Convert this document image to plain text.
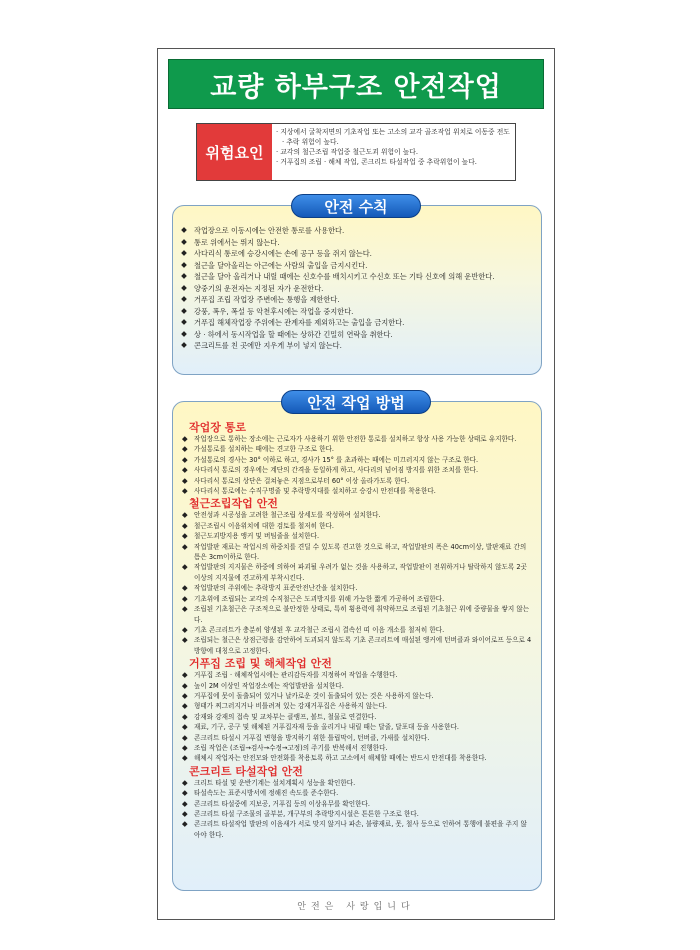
교량 하부구조 안전작업
위험요인
· 지상에서 굴착저면의 기초작업 또는 고소의 교각 골조작업 위치로 이동중 전도 · 추락 위험이 높다.
· 교각의 철근조립 작업중 철근도괴 위험이 높다.
· 거푸집의 조립 · 해체 작업, 콘크리트 타설작업 중 추락위험이 높다.
안전 수칙
작업장으로 이동시에는 안전한 통로를 사용한다.
통로 위에서는 뛰지 않는다.
사다리식 통로에 승강시에는 손에 공구 등을 쥐지 않는다.
철근을 달아올리는 아근에는 사람의 출입을 금지시킨다.
철근을 달아 올리거나 내릴 때에는 신호수를 배치시키고 수신호 또는 기타 신호에 의해 운반한다.
양중기의 운전자는 지정된 자가 운전한다.
거푸집 조립 작업장 주변에는 통행을 제한한다.
강풍, 폭우, 폭설 등 악천후시에는 작업을 중지한다.
거푸집 해체작업장 주위에는 관계자를 제외하고는 출입을 금지한다.
상 · 하에서 동시작업을 할 때에는 상하간 긴밀히 연락을 취한다.
콘크리트를 친 곳에만 지우게 부이 넣지 않는다.
안전 작업 방법
작업장 통로
작업장으로 통하는 장소에는 근로자가 사용하기 위한 안전한 통로를 설치하고 항상 사용 가능한 상태로 유지한다.
가설통로를 설치하는 때에는 견고한 구조로 한다.
가설통로의 경사는 30° 이하로 하고, 경사가 15° 를 초과하는 때에는 미끄러지지 않는 구조로 한다.
사다리식 통로의 경우에는 계단의 간격을 동일하게 하고, 사다리의 넘어짐 방지를 위한 조치를 한다.
사다리식 통로의 상단은 걸쳐놓은 지점으로부터 60° 이상 올라가도록 한다.
사다리식 통로에는 수직구명줄 및 추락방지대를 설치하고 승강시 안전대를 착용한다.
철근조립작업 안전
안전성과 시공성을 고려한 철근조립 상세도를 작성하여 설치한다.
철근조립시 이음위치에 대한 검토를 철저히 한다.
철근도괴방지용 앵커 및 버팀줄을 설치한다.
작업발판 재료는 작업시의 하중치를 견딜 수 있도록 견고한 것으로 하고, 작업발판의 폭은 40cm이상, 발판재료 간의 틈은 3cm이하로 한다.
작업발판의 지지물은 하중에 의하여 파괴될 우려가 없는 것을 사용하고, 작업발판이 전위하거나 탈락하지 않도록 2곳 이상의 지지물에 견고하게 부착시킨다.
작업발판의 주위에는 추락방지 표준안전난간을 설치한다.
기초위에 조립되는 교각의 수직철근은 도괴방지를 위해 가능한 짧게 가공하여 조립한다.
조립된 기초철근은 구조적으로 불안정한 상태로, 특히 횡용력에 취약하므로 조립된 기초철근 위에 중량물을 쌓지 않는다.
기초 콘크리트가 충분히 양생된 후 교각철근 조립시 결속선 띠 이음 개소를 철저히 한다.
조립되는 철근은 상점근령을 감안하여 도괴되지 않도록 기초 콘크리트에 매설된 앵커에 턴버클과 와이어로프 등으로 4방향에 대칭으로 고정한다.
거푸집 조립 및 해체작업 안전
거푸집 조립 · 해체작업시에는 관리감독자를 지정하여 작업을 수행한다.
높이 2M 이상인 작업장소에는 작업발판을 설치한다.
거푸집에 못이 돌출되어 있거나 날카로운 것이 돌출되어 있는 것은 사용하지 않는다.
형태가 찌그러지거나 비틀려져 있는 강재거푸집은 사용하지 않는다.
강재와 강재의 접속 및 교차부는 클램프, 볼트, 철물로 연결한다.
재료, 기구, 공구 및 해체된 거푸집자재 등을 올리거나 내릴 때는 달줄, 달포대 등을 사용한다.
콘크리트 타설시 거푸집 변형을 방지하기 위한 틀립막이, 턴버클, 가새를 설치한다.
조립 작업은 (조립→검사→수정→고정)의 주기를 반복해서 진행한다.
해체시 작업자는 안전모와 안전화를 착용토록 하고 고소에서 해체할 때에는 반드시 안전대를 착용한다.
콘크리트 타설작업 안전
크리트 타설 및 운반기계는 설치계획시 성능을 확인한다.
타설속도는 표준시방서에 정해진 속도를 준수한다.
콘크리트 타설중에 지보공, 거푸집 등의 이상유무를 확인한다.
콘크리트 타설 구조물의 골부분, 개구부의 추락방지시설은 튼튼한 구조로 한다.
콘크리트 타설작업 발판의 이음새가 서로 맞지 않거나 파손, 불량재료, 못, 철사 등으로 인하여 통행에 불편을 주지 않아야 한다.
안전은 사랑입니다
